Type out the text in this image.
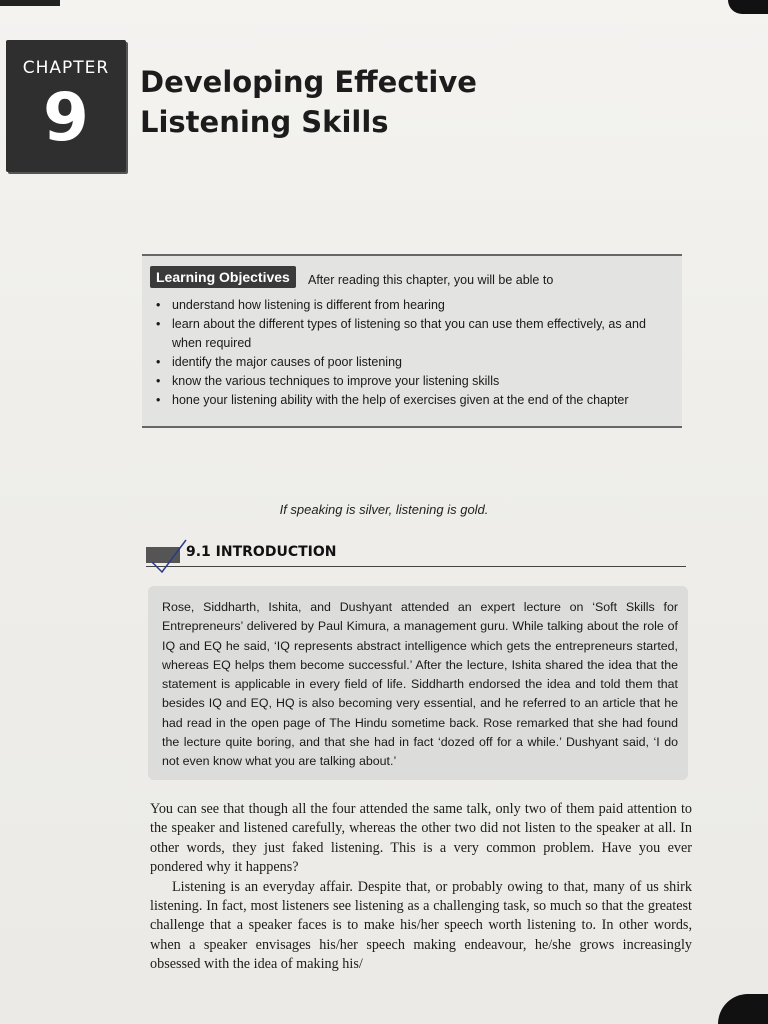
CHAPTER
9	Developing Effective
Listening Skills
Learning Objectives	After reading this chapter, you will be able to
• understand how listening is different from hearing
• learn about the different types of listening so that you can use them effectively, as and when required
• identify the major causes of poor listening
• know the various techniques to improve your listening skills
• hone your listening ability with the help of exercises given at the end of the chapter
If speaking is silver, listening is gold.
9.1 INTRODUCTION

Rose, Siddharth, Ishita, and Dushyant attended an expert lecture on ‘Soft Skills for Entrepreneurs’ delivered by Paul Kimura, a management guru. While talking about the role of IQ and EQ he said, ‘IQ represents abstract intelligence which gets the entrepreneurs started, whereas EQ helps them become successful.’ After the lecture, Ishita shared the idea that the statement is applicable in every field of life. Siddharth endorsed the idea and told them that besides IQ and EQ, HQ is also becoming very essential, and he referred to an article that he had read in the open page of The Hindu sometime back. Rose remarked that she had found the lecture quite boring, and that she had in fact ‘dozed off for a while.’ Dushyant said, ‘I do not even know what you are talking about.’

You can see that though all the four attended the same talk, only two of them paid attention to the speaker and listened carefully, whereas the other two did not listen to the speaker at all. In other words, they just faked listening. This is a very common problem. Have you ever pondered why it happens?

Listening is an everyday affair. Despite that, or probably owing to that, many of us shirk listening. In fact, most listeners see listening as a challenging task, so much so that the greatest challenge that a speaker faces is to make his/her speech worth listening to. In other words, when a speaker envisages his/her speech making endeavour, he/she grows increasingly obsessed with the idea of making his/
